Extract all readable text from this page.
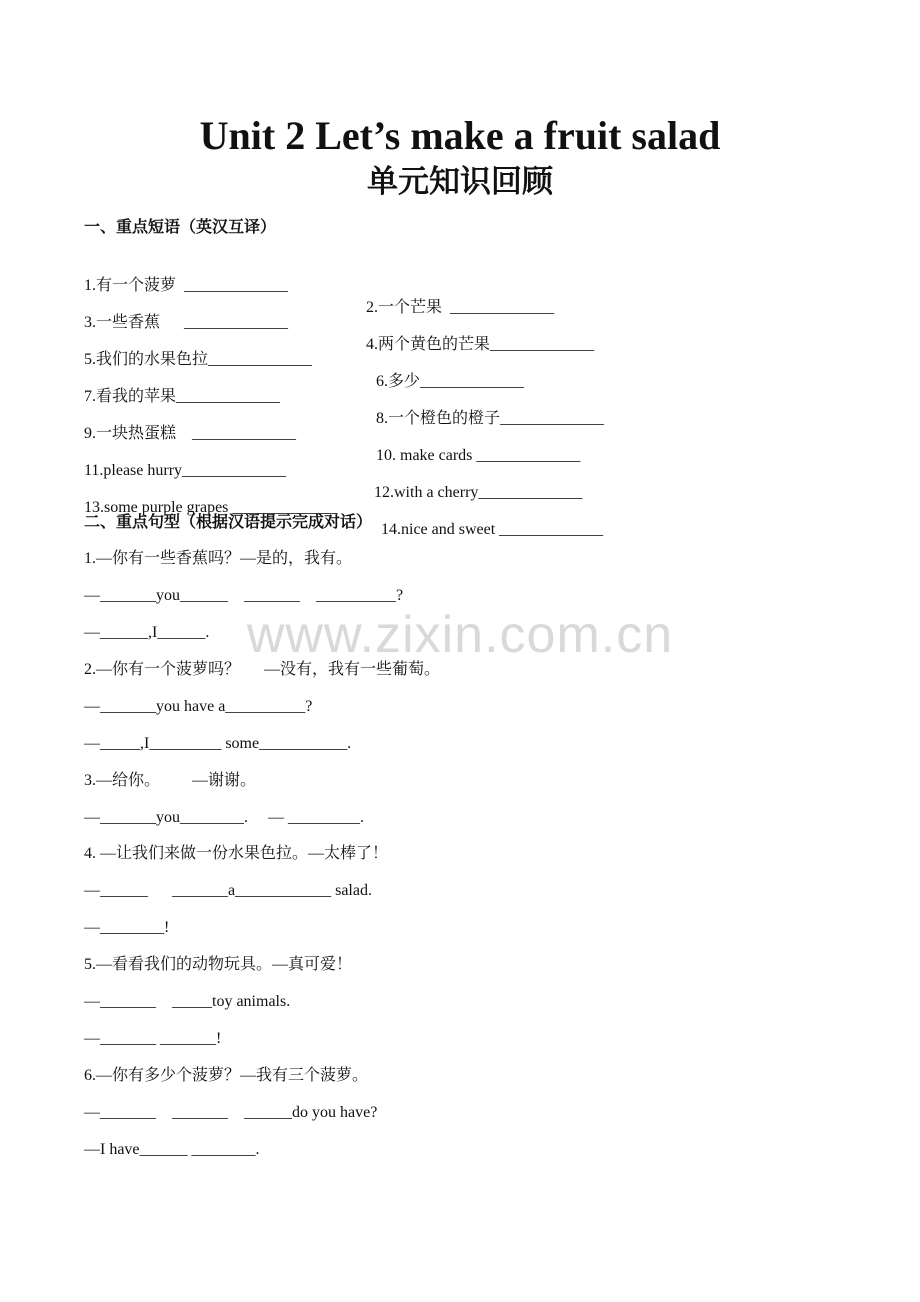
Unit 2 Let’s make a fruit salad
单元知识回顾
一、重点短语（英汉互译）

1.有一个菠萝  _____________

2.一个芒果  _____________

3.一些香蕉      _____________

4.两个黄色的芒果_____________

5.我们的水果色拉_____________

6.多少_____________

7.看我的苹果_____________

8.一个橙色的橙子_____________

9.一块热蛋糕    _____________

10. make cards _____________

11.please hurry_____________

12.with a cherry_____________

13.some purple grapes _____________

14.nice and sweet _____________

二、重点句型（根据汉语提示完成对话）
1.—你有一些香蕉吗？—是的，我有。
—_______you______    _______    __________?
—______,I______.
2.—你有一个菠萝吗？      —没有，我有一些葡萄。
—_______you have a__________?
—_____,I_________ some___________.
3.—给你。        —谢谢。
—_______you________.     — _________.
4. —让我们来做一份水果色拉。—太棒了！
—______      _______a____________ salad.
—________!
5.—看看我们的动物玩具。—真可爱！
—_______    _____toy animals.
—_______ _______!
6.—你有多少个菠萝？—我有三个菠萝。
—_______    _______    ______do you have?
—I have______ ________.
www.zixin.com.cn
